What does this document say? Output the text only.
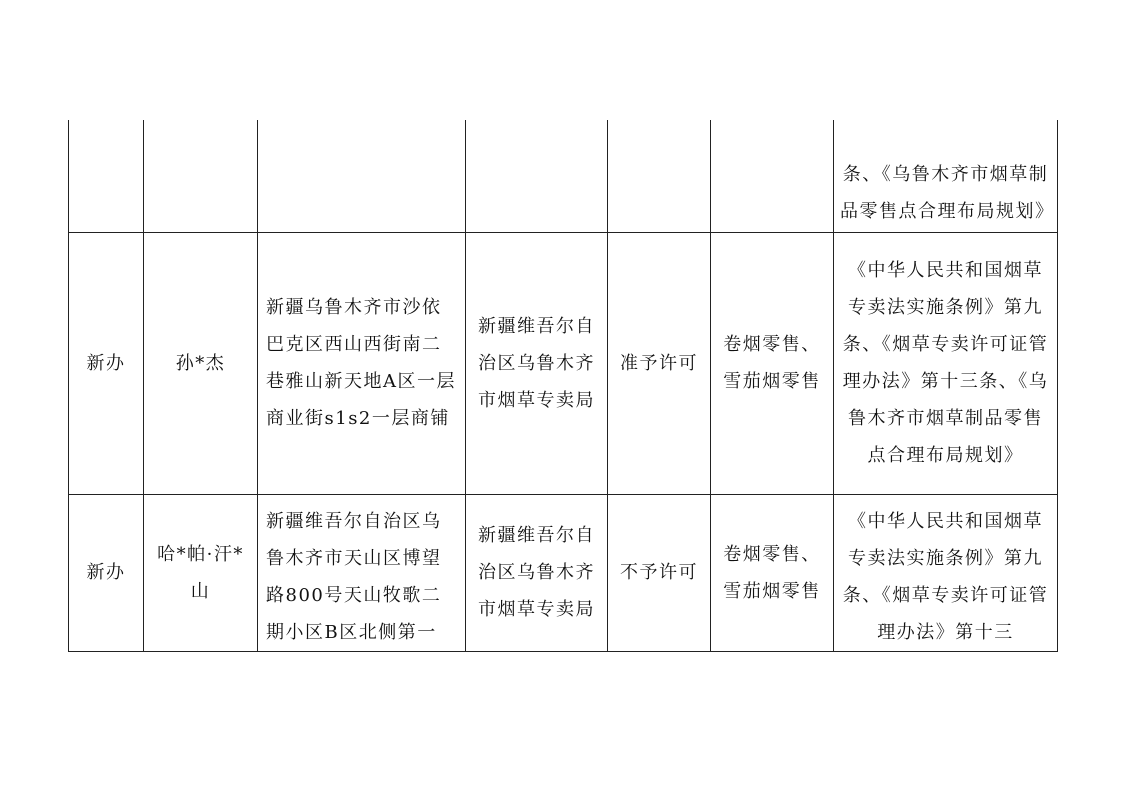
						条、《乌鲁木齐市烟草制品零售点合理布局规划》

新办	孙*杰	新疆乌鲁木齐市沙依巴克区西山西街南二巷雅山新天地A区一层商业街s1s2一层商铺	新疆维吾尔自治区乌鲁木齐市烟草专卖局	准予许可	卷烟零售、雪茄烟零售	《中华人民共和国烟草专卖法实施条例》第九条、《烟草专卖许可证管理办法》第十三条、《乌鲁木齐市烟草制品零售点合理布局规划》

新办	哈*帕·汗*山	新疆维吾尔自治区乌鲁木齐市天山区博望路800号天山牧歌二期小区B区北侧第一	新疆维吾尔自治区乌鲁木齐市烟草专卖局	不予许可	卷烟零售、雪茄烟零售	《中华人民共和国烟草专卖法实施条例》第九条、《烟草专卖许可证管理办法》第十三
